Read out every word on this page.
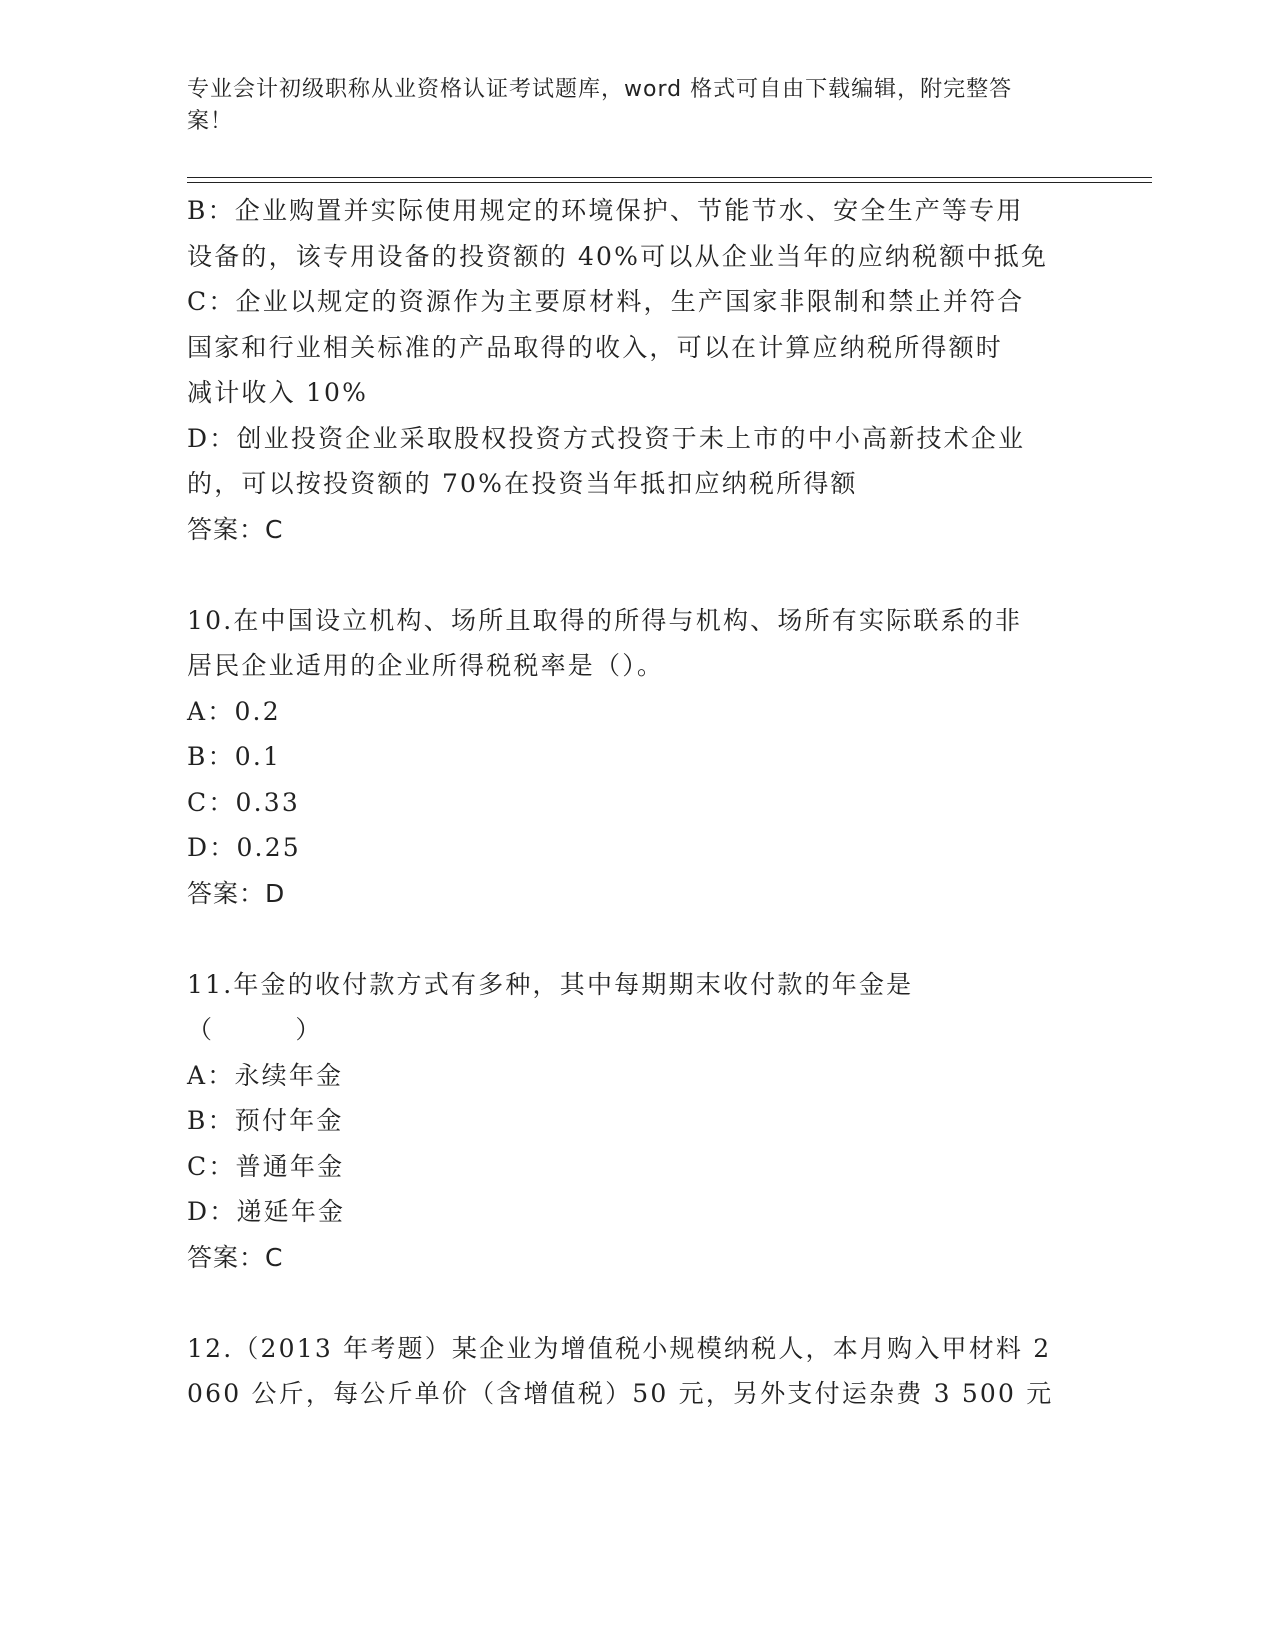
专业会计初级职称从业资格认证考试题库，word 格式可自由下载编辑，附完整答
案！
B：企业购置并实际使用规定的环境保护、节能节水、安全生产等专用
设备的，该专用设备的投资额的 40%可以从企业当年的应纳税额中抵免
C：企业以规定的资源作为主要原材料，生产国家非限制和禁止并符合
国家和行业相关标准的产品取得的收入，可以在计算应纳税所得额时
减计收入 10%
D：创业投资企业采取股权投资方式投资于未上市的中小高新技术企业
的，可以按投资额的 70%在投资当年抵扣应纳税所得额
答案：C
10.在中国设立机构、场所且取得的所得与机构、场所有实际联系的非
居民企业适用的企业所得税税率是（）。
A：0.2
B：0.1
C：0.33
D：0.25
答案：D
11.年金的收付款方式有多种，其中每期期末收付款的年金是
（        ）
A：永续年金
B：预付年金
C：普通年金
D：递延年金
答案：C
12.（2013 年考题）某企业为增值税小规模纳税人，本月购入甲材料 2
060 公斤，每公斤单价（含增值税）50 元，另外支付运杂费 3 500 元
